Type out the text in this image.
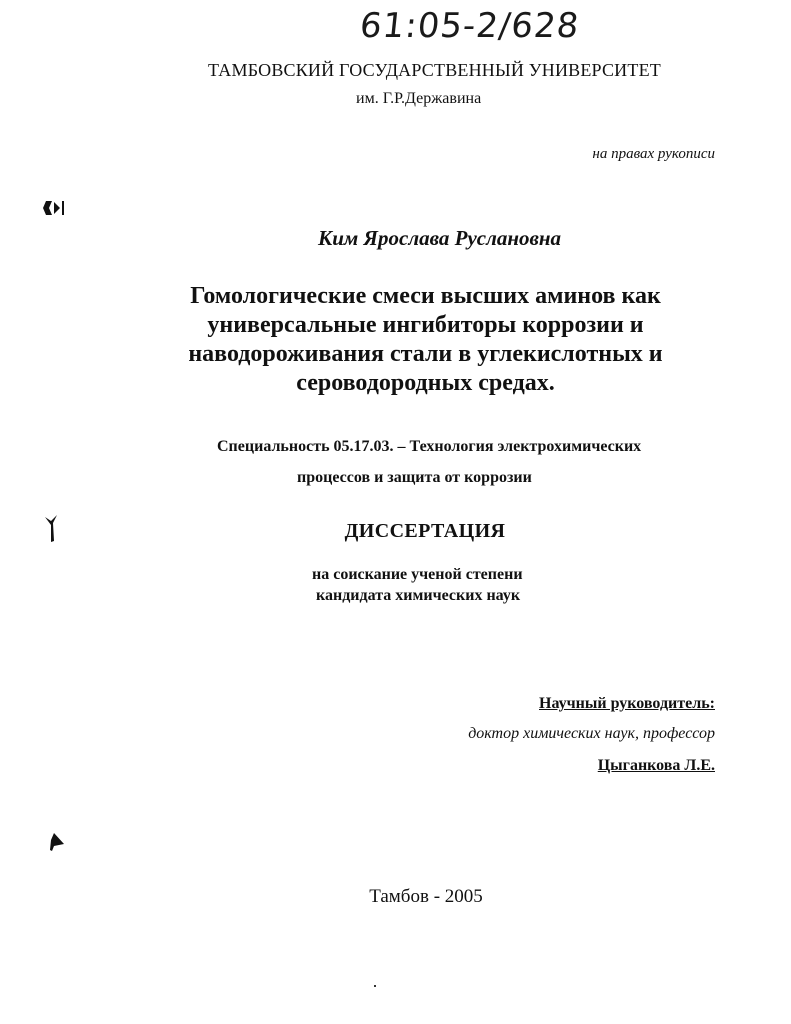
61:05-2/628
ТАМБОВСКИЙ ГОСУДАРСТВЕННЫЙ УНИВЕРСИТЕТ
им. Г.Р.Державина
на правах рукописи
Ким Ярослава Руслановна
Гомологические смеси высших аминов как универсальные ингибиторы коррозии и наводороживания стали в углекислотных и сероводородных средах.
Специальность 05.17.03. – Технология электрохимических
процессов и защита от коррозии
ДИССЕРТАЦИЯ
на соискание ученой степени
кандидата химических наук
Научный руководитель:
доктор химических наук, профессор
Цыганкова Л.Е.
Тамбов - 2005
